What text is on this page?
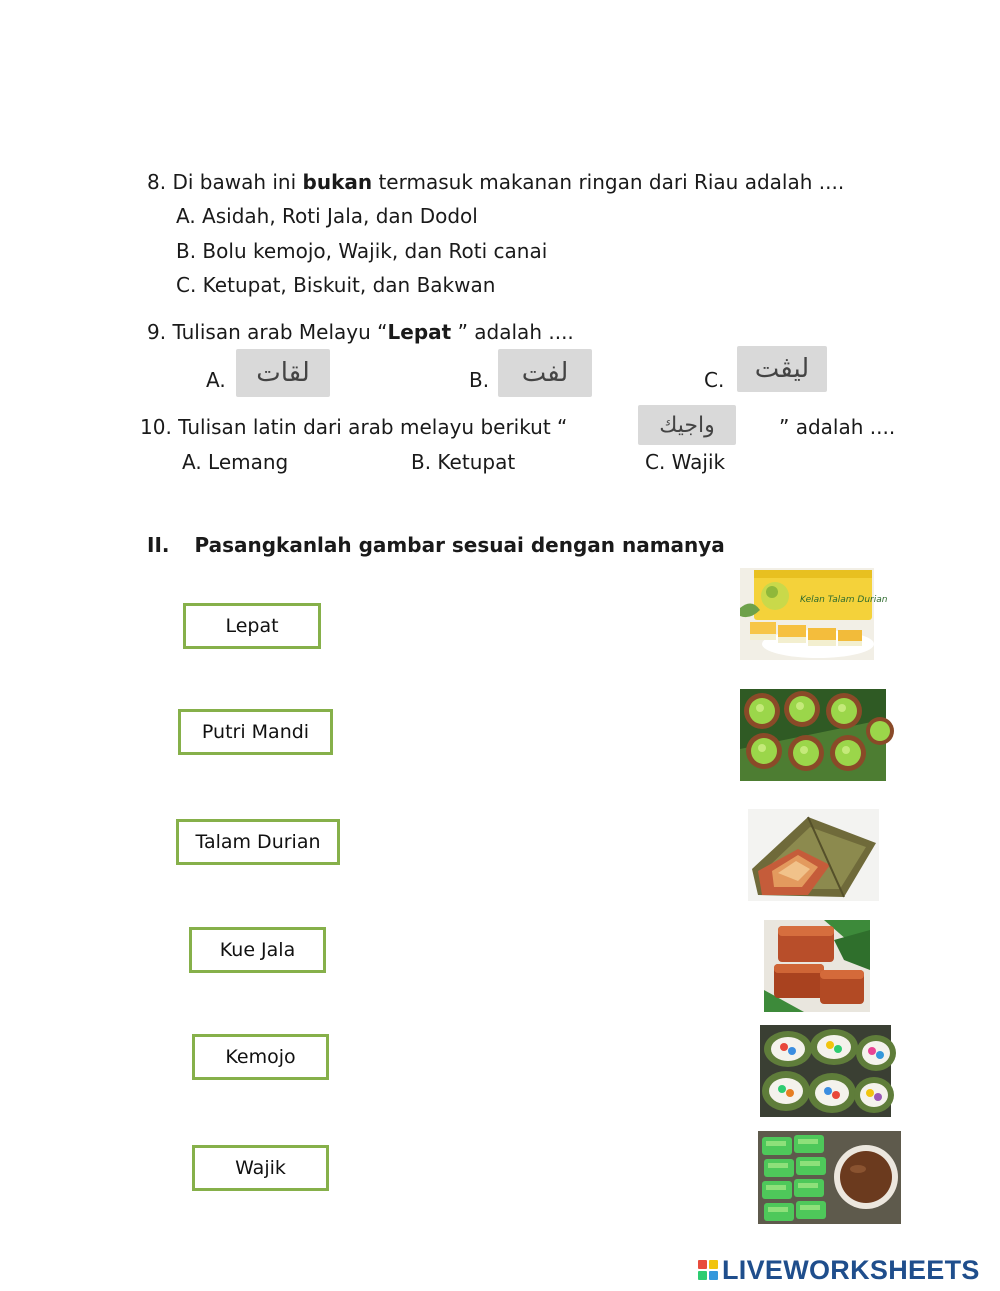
8. Di bawah ini bukan termasuk makanan ringan dari Riau adalah ....
A. Asidah, Roti Jala, dan Dodol
B. Bolu kemojo, Wajik, dan Roti canai
C. Ketupat, Biskuit, dan Bakwan
9. Tulisan arab Melayu “Lepat ” adalah ....
A.	لقات	B.	لفت	C.	ليڤت
10. Tulisan latin dari arab melayu berikut “	واجيك	” adalah ....
A. Lemang	B. Ketupat	C. Wajik
II. Pasangkanlah gambar sesuai dengan namanya
Lepat
Putri Mandi
Talam Durian
Kue Jala
Kemojo
Wajik
Kelan Talam Durian
LIVEWORKSHEETS
